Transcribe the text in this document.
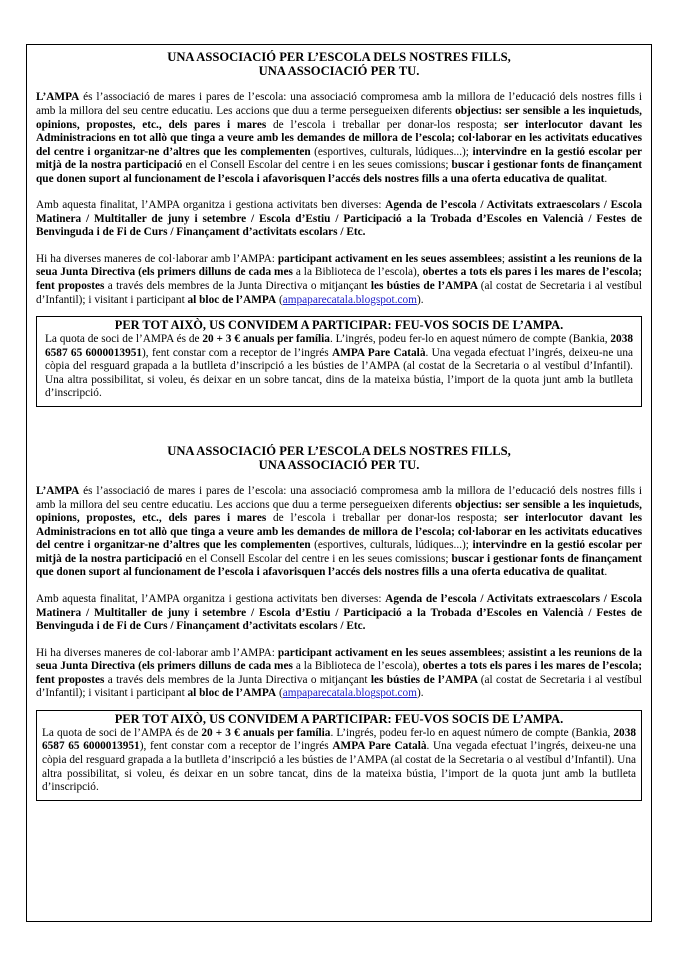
UNA ASSOCIACIÓ PER L’ESCOLA DELS NOSTRES FILLS,
UNA ASSOCIACIÓ PER TU.

L’AMPA és l’associació de mares i pares de l’escola: una associació compromesa amb la millora de l’educació dels nostres fills i amb la millora del seu centre educatiu. Les accions que duu a terme persegueixen diferents objectius: ser sensible a les inquietuds, opinions, propostes, etc., dels pares i mares de l’escola i treballar per donar-los resposta; ser interlocutor davant les Administracions en tot allò que tinga a veure amb les demandes de millora de l’escola; col·laborar en les activitats educatives del centre i organitzar-ne d’altres que les complementen (esportives, culturals, lúdiques...); intervindre en la gestió escolar per mitjà de la nostra participació en el Consell Escolar del centre i en les seues comissions; buscar i gestionar fonts de finançament que donen suport al funcionament de l’escola i afavorisquen l’accés dels nostres fills a una oferta educativa de qualitat.

Amb aquesta finalitat, l’AMPA organitza i gestiona activitats ben diverses: Agenda de l’escola / Activitats extraescolars / Escola Matinera / Multitaller de juny i setembre / Escola d’Estiu / Participació a la Trobada d’Escoles en Valencià / Festes de Benvinguda i de Fi de Curs / Finançament d’activitats escolars / Etc.

Hi ha diverses maneres de col·laborar amb l’AMPA: participant activament en les seues assemblees; assistint a les reunions de la seua Junta Directiva (els primers dilluns de cada mes a la Biblioteca de l’escola), obertes a tots els pares i les mares de l’escola; fent propostes a través dels membres de la Junta Directiva o mitjançant les bústies de l’AMPA (al costat de Secretaria i al vestíbul d’Infantil); i visitant i participant al bloc de l’AMPA (ampaparecatala.blogspot.com).

PER TOT AIXÒ, US CONVIDEM A PARTICIPAR: FEU-VOS SOCIS DE L’AMPA.
La quota de soci de l’AMPA és de 20 + 3 € anuals per família. L’ingrés, podeu fer-lo en aquest número de compte (Bankia, 2038 6587 65 6000013951), fent constar com a receptor de l’ingrés AMPA Pare Català. Una vegada efectuat l’ingrés, deixeu-ne una còpia del resguard grapada a la butlleta d’inscripció a les bústies de l’AMPA (al costat de la Secretaria o al vestíbul d’Infantil). Una altra possibilitat, si voleu, és deixar en un sobre tancat, dins de la mateixa bústia, l’import de la quota junt amb la butlleta d’inscripció.
UNA ASSOCIACIÓ PER L’ESCOLA DELS NOSTRES FILLS,
UNA ASSOCIACIÓ PER TU.

L’AMPA és l’associació de mares i pares de l’escola: una associació compromesa amb la millora de l’educació dels nostres fills i amb la millora del seu centre educatiu. Les accions que duu a terme persegueixen diferents objectius: ser sensible a les inquietuds, opinions, propostes, etc., dels pares i mares de l’escola i treballar per donar-los resposta; ser interlocutor davant les Administracions en tot allò que tinga a veure amb les demandes de millora de l’escola; col·laborar en les activitats educatives del centre i organitzar-ne d’altres que les complementen (esportives, culturals, lúdiques...); intervindre en la gestió escolar per mitjà de la nostra participació en el Consell Escolar del centre i en les seues comissions; buscar i gestionar fonts de finançament que donen suport al funcionament de l’escola i afavorisquen l’accés dels nostres fills a una oferta educativa de qualitat.

Amb aquesta finalitat, l’AMPA organitza i gestiona activitats ben diverses: Agenda de l’escola / Activitats extraescolars / Escola Matinera / Multitaller de juny i setembre / Escola d’Estiu / Participació a la Trobada d’Escoles en Valencià / Festes de Benvinguda i de Fi de Curs / Finançament d’activitats escolars / Etc.

Hi ha diverses maneres de col·laborar amb l’AMPA: participant activament en les seues assemblees; assistint a les reunions de la seua Junta Directiva (els primers dilluns de cada mes a la Biblioteca de l’escola), obertes a tots els pares i les mares de l’escola; fent propostes a través dels membres de la Junta Directiva o mitjançant les bústies de l’AMPA (al costat de Secretaria i al vestíbul d’Infantil); i visitant i participant al bloc de l’AMPA (ampaparecatala.blogspot.com).

PER TOT AIXÒ, US CONVIDEM A PARTICIPAR: FEU-VOS SOCIS DE L’AMPA.
La quota de soci de l’AMPA és de 20 + 3 € anuals per família. L’ingrés, podeu fer-lo en aquest número de compte (Bankia, 2038 6587 65 6000013951), fent constar com a receptor de l’ingrés AMPA Pare Català. Una vegada efectuat l’ingrés, deixeu-ne una còpia del resguard grapada a la butlleta d’inscripció a les bústies de l’AMPA (al costat de la Secretaria o al vestíbul d’Infantil). Una altra possibilitat, si voleu, és deixar en un sobre tancat, dins de la mateixa bústia, l’import de la quota junt amb la butlleta d’inscripció.
